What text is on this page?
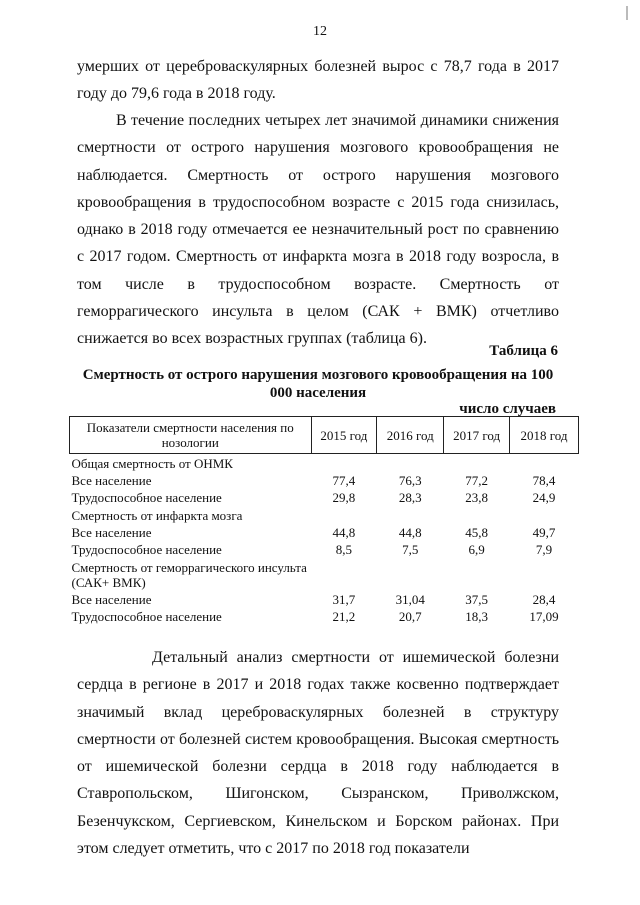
12

умерших от цереброваскулярных болезней вырос с 78,7 года в 2017 году до 79,6 года в 2018 году.

В течение последних четырех лет значимой динамики снижения смертности от острого нарушения мозгового кровообращения не наблюдается. Смертность от острого нарушения мозгового кровообращения в трудоспособном возрасте с 2015 года снизилась, однако в 2018 году отмечается ее незначительный рост по сравнению с 2017 годом. Смертность от инфаркта мозга в 2018 году возросла, в том числе в трудоспособном возрасте. Смертность от геморрагического инсульта в целом (САК + ВМК) отчетливо снижается во всех возрастных группах (таблица 6).

Таблица 6

Смертность от острого нарушения мозгового кровообращения на 100 000 населения

число случаев
Показатели смертности населения по нозологии	2015 год	2016 год	2017 год	2018 год
Общая смертность от ОНМК				
Все население	77,4	76,3	77,2	78,4
Трудоспособное население	29,8	28,3	23,8	24,9
Смертность от инфаркта мозга				
Все население	44,8	44,8	45,8	49,7
Трудоспособное население	8,5	7,5	6,9	7,9
Смертность от геморрагического инсульта (САК+ ВМК)				
Все население	31,7	31,04	37,5	28,4
Трудоспособное население	21,2	20,7	18,3	17,09

Детальный анализ смертности от ишемической болезни сердца в регионе в 2017 и 2018 годах также косвенно подтверждает значимый вклад цереброваскулярных болезней в структуру смертности от болезней систем кровообращения. Высокая смертность от ишемической болезни сердца в 2018 году наблюдается в Ставропольском, Шигонском, Сызранском, Приволжском, Безенчукском, Сергиевском, Кинельском и Борском районах. При этом следует отметить, что с 2017 по 2018 год показатели
